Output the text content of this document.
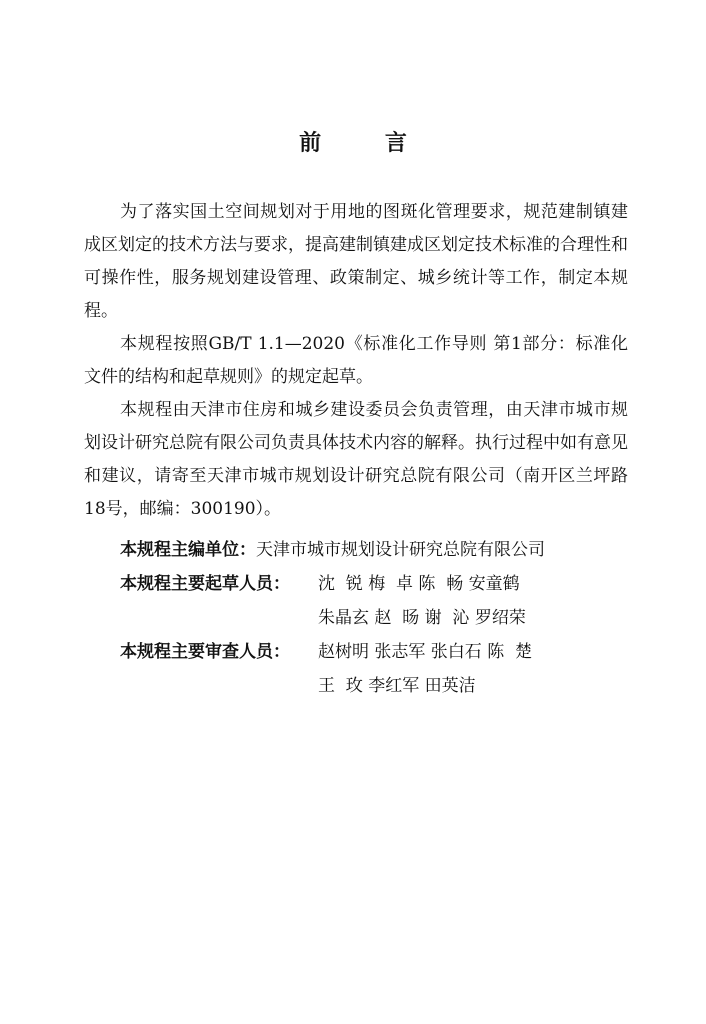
前 言

为了落实国土空间规划对于用地的图斑化管理要求，规范建制镇建成区划定的技术方法与要求，提高建制镇建成区划定技术标准的合理性和可操作性，服务规划建设管理、政策制定、城乡统计等工作，制定本规程。

本规程按照GB/T 1.1—2020《标准化工作导则 第1部分：标准化文件的结构和起草规则》的规定起草。

本规程由天津市住房和城乡建设委员会负责管理，由天津市城市规划设计研究总院有限公司负责具体技术内容的解释。执行过程中如有意见和建议，请寄至天津市城市规划设计研究总院有限公司（南开区兰坪路18号，邮编：300190）。

本规程主编单位： 天津市城市规划设计研究总院有限公司
本规程主要起草人员：	沈  锐 梅  卓 陈  畅 安童鹤
朱晶玄 赵  旸 谢  沁 罗绍荣
本规程主要审查人员：	赵树明 张志军 张白石 陈  楚
王  玫 李红军 田英洁
